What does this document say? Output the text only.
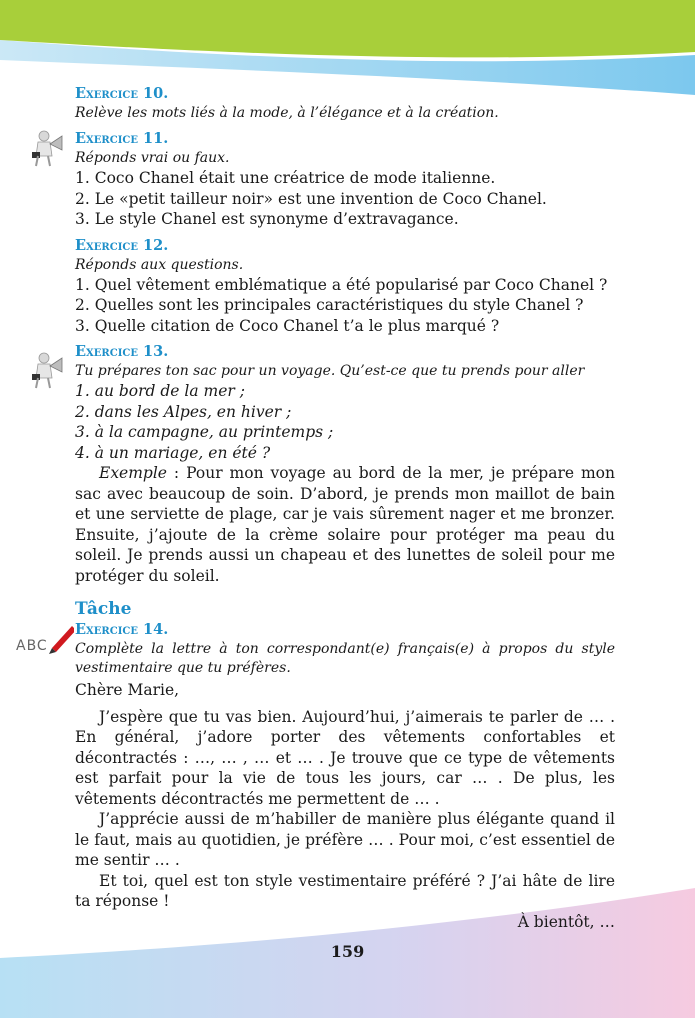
ABC
Exercice 10.
Relève les mots liés à la mode, à l’élégance et à la création.
Exercice 11.
Réponds vrai ou faux.
1. Coco Chanel était une créatrice de mode italienne.
2. Le «petit tailleur noir» est une invention de Coco Chanel.
3. Le style Chanel est synonyme d’extravagance.
Exercice 12.
Réponds aux questions.
1. Quel vêtement emblématique a été popularisé par Coco Chanel ?
2. Quelles sont les principales caractéristiques du style Chanel ?
3. Quelle citation de Coco Chanel t’a le plus marqué ?
Exercice 13.
Tu prépares ton sac pour un voyage. Qu’est-ce que tu prends pour aller
1. au bord de la mer ;
2. dans les Alpes, en hiver ;
3. à la campagne, au printemps ;
4. à un mariage, en été ?
Exemple : Pour mon voyage au bord de la mer, je prépare mon sac avec beaucoup de soin. D’abord, je prends mon maillot de bain et une serviette de plage, car je vais sûrement nager et me bronzer. Ensuite, j’ajoute de la crème solaire pour protéger ma peau du soleil. Je prends aussi un chapeau et des lunettes de soleil pour me protéger du soleil.
Tâche
Exercice 14.
Complète la lettre à ton correspondant(e) français(e) à propos du style vestimentaire que tu préfères.
Chère Marie,
J’espère que tu vas bien. Aujourd’hui, j’aimerais te parler de … . En général, j’adore porter des vêtements confortables et décontractés : …, … , … et … . Je trouve que ce type de vêtements est parfait pour la vie de tous les jours, car … . De plus, les vêtements décontractés me permettent de … .
J’apprécie aussi de m’habiller de manière plus élégante quand il le faut, mais au quotidien, je préfère … . Pour moi, c’est essentiel de me sentir … .
Et toi, quel est ton style vestimentaire préféré ? J’ai hâte de lire ta réponse !
À bientôt, …
159
